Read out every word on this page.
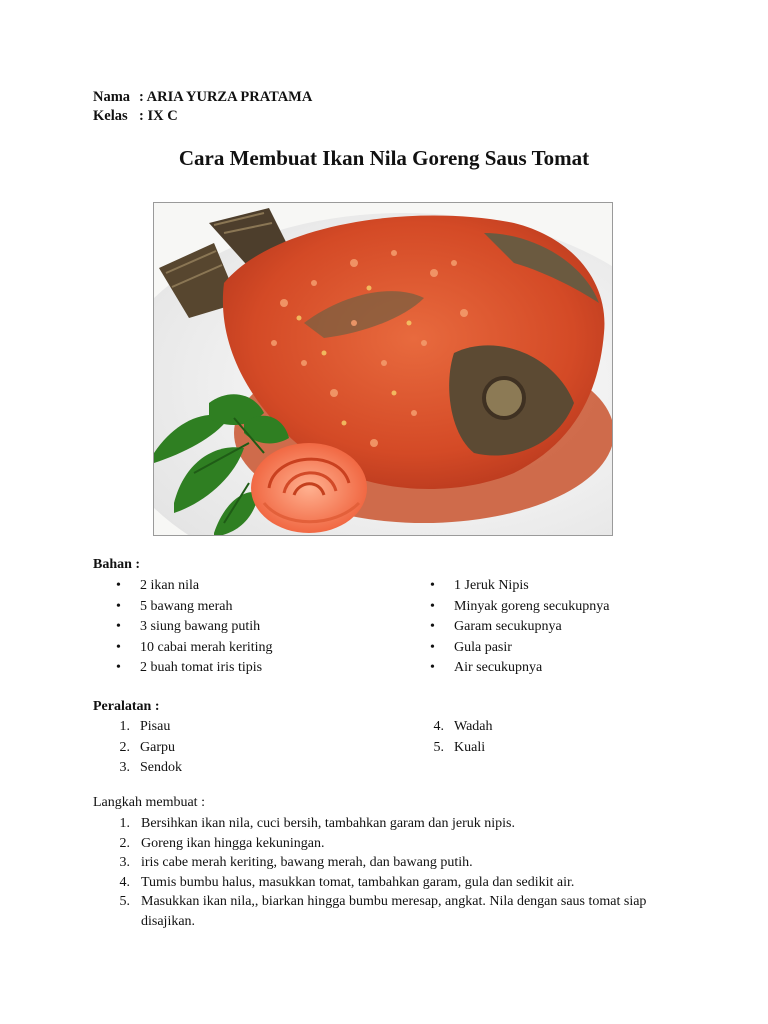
Nama : ARIA YURZA PRATAMA
Kelas : IX C
Cara Membuat Ikan Nila Goreng Saus Tomat
Bahan :
• 2 ikan nila
• 5 bawang merah
• 3 siung bawang putih
• 10 cabai merah keriting
• 2 buah tomat iris tipis
• 1 Jeruk Nipis
• Minyak goreng secukupnya
• Garam secukupnya
• Gula pasir
• Air secukupnya
Peralatan :
1. Pisau
2. Garpu
3. Sendok
4. Wadah
5. Kuali
Langkah membuat :
1. Bersihkan ikan nila, cuci bersih, tambahkan garam dan jeruk nipis.
2. Goreng ikan hingga kekuningan.
3. iris cabe merah keriting, bawang merah, dan bawang putih.
4. Tumis bumbu halus, masukkan tomat, tambahkan garam, gula dan sedikit air.
5. Masukkan ikan nila,, biarkan hingga bumbu meresap, angkat. Nila dengan saus tomat siap disajikan.
